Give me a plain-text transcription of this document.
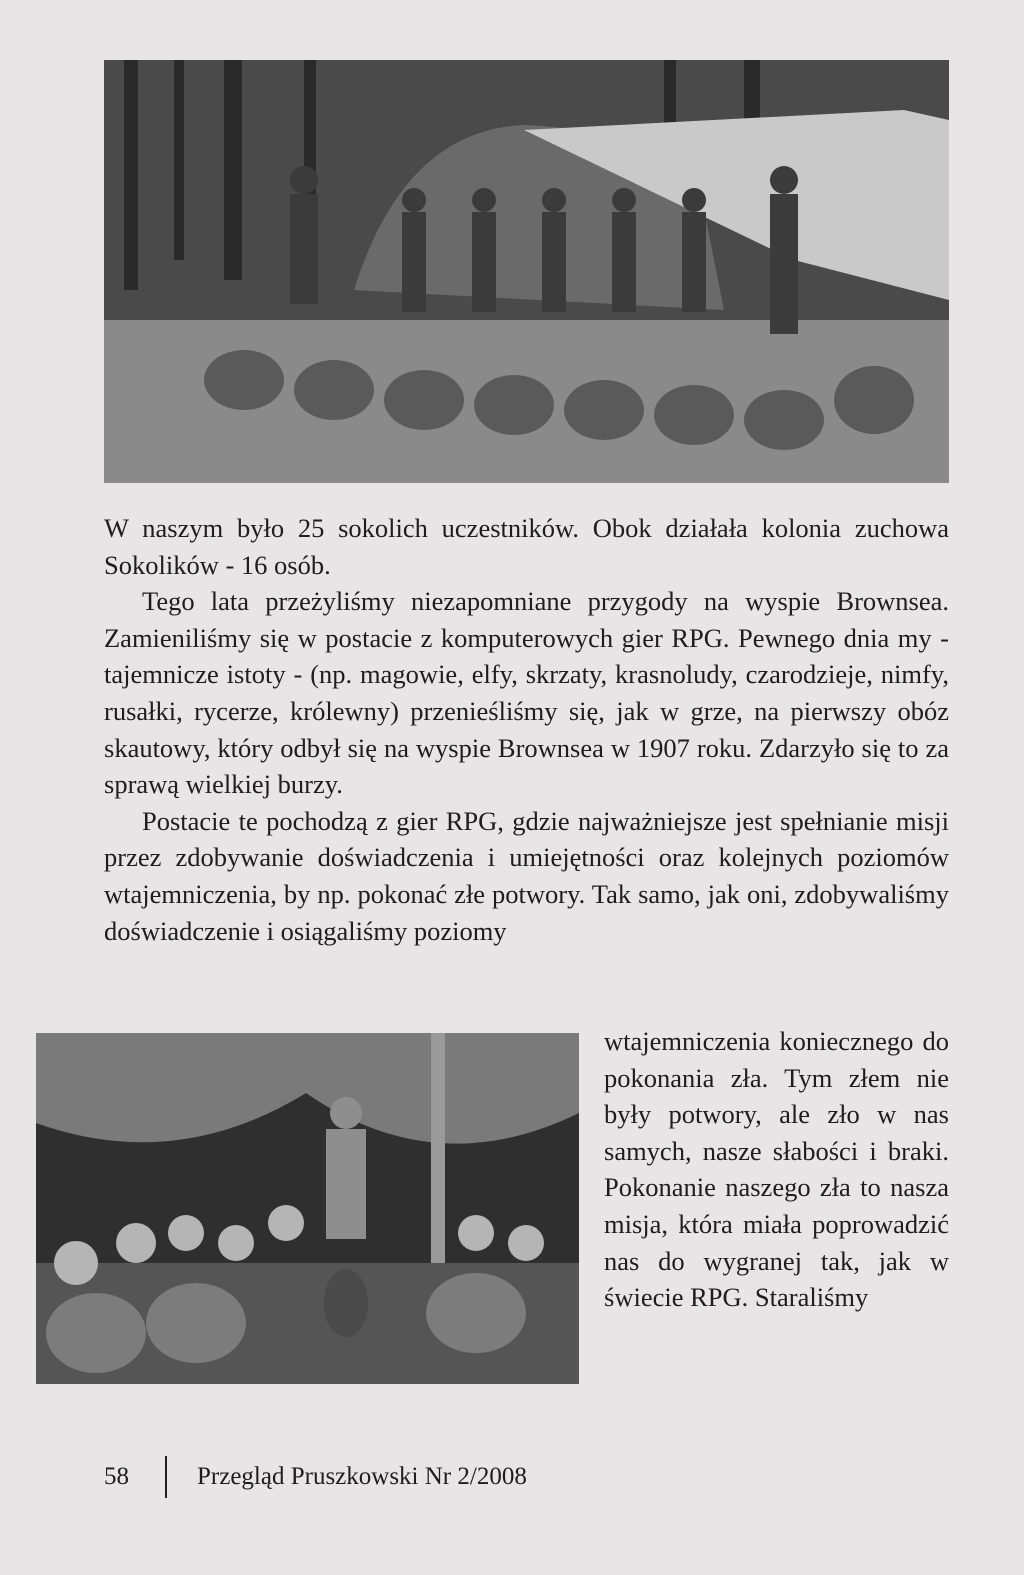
W naszym było 25 sokolich uczestników. Obok działała kolonia zuchowa Sokolików - 16 osób.

Tego lata przeżyliśmy niezapomniane przygody na wyspie Brownsea. Zamieniliśmy się w postacie z komputerowych gier RPG. Pewnego dnia my - tajemnicze istoty - (np. magowie, elfy, skrzaty, krasnoludy, czarodzieje, nimfy, rusałki, rycerze, królewny) przenieśliśmy się, jak w grze, na pierwszy obóz skautowy, który odbył się na wyspie Brownsea w 1907 roku. Zdarzyło się to za sprawą wielkiej burzy.

Postacie te pochodzą z gier RPG, gdzie najważniejsze jest spełnianie misji przez zdobywanie doświadczenia i umiejętności oraz kolejnych poziomów wtajemniczenia, by np. pokonać złe potwory. Tak samo, jak oni, zdobywaliśmy doświadczenie i osiągaliśmy poziomy

wtajemniczenia koniecznego do pokonania zła. Tym złem nie były potwory, ale zło w nas samych, nasze słabości i braki. Pokonanie naszego zła to nasza misja, która miała poprowadzić nas do wygranej tak, jak w świecie RPG. Staraliśmy

58	Przegląd Pruszkowski Nr 2/2008
